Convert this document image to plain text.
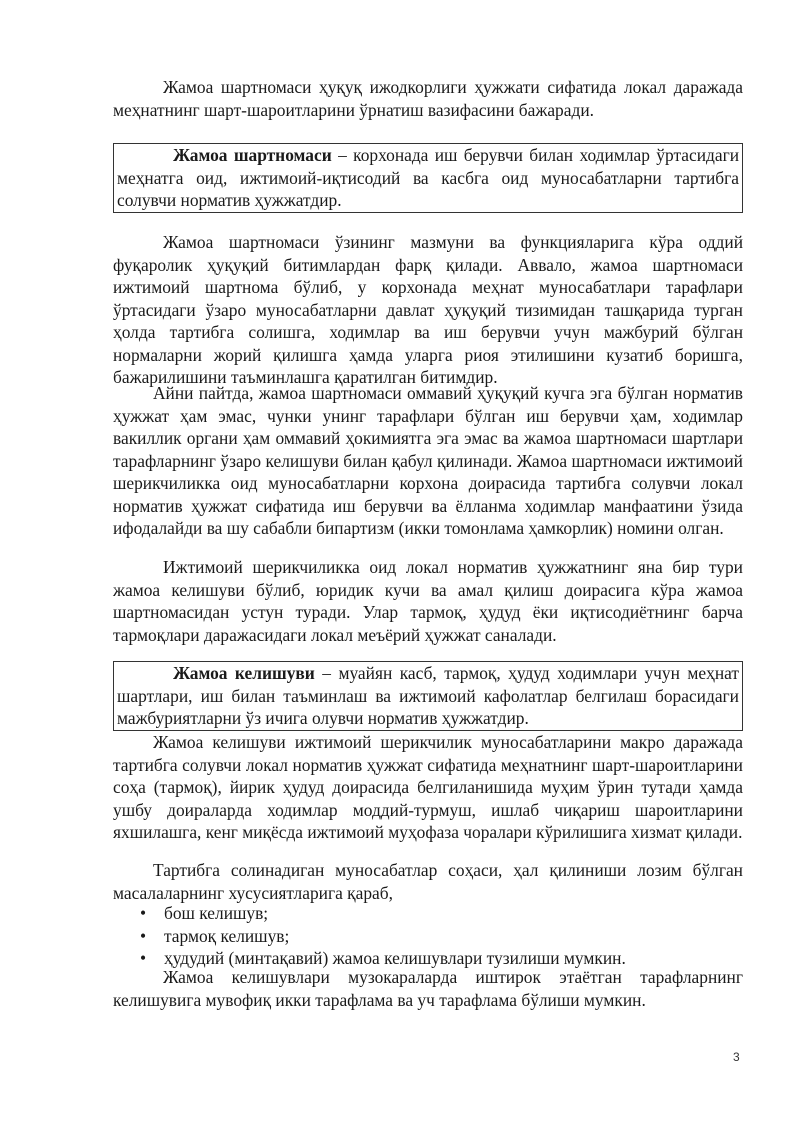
Жамоа шартномаси ҳуқуқ ижодкорлиги ҳужжати сифатида локал даражада меҳнатнинг шарт-шароитларини ўрнатиш вазифасини бажаради.

Жамоа шартномаси – корхонада иш берувчи билан ходимлар ўртасидаги меҳнатга оид, ижтимоий-иқтисодий ва касбга оид муносабатларни тартибга солувчи норматив ҳужжатдир.

Жамоа шартномаси ўзининг мазмуни ва функцияларига кўра оддий фуқаролик ҳуқуқий битимлардан фарқ қилади. Аввало, жамоа шартномаси ижтимоий шартнома бўлиб, у корхонада меҳнат муносабатлари тарафлари ўртасидаги ўзаро муносабатларни давлат ҳуқуқий тизимидан ташқарида турган ҳолда тартибга солишга, ходимлар ва иш берувчи учун мажбурий бўлган нормаларни жорий қилишга ҳамда уларга риоя этилишини кузатиб боришга, бажарилишини таъминлашга қаратилган битимдир.

Айни пайтда, жамоа шартномаси оммавий ҳуқуқий кучга эга бўлган норматив ҳужжат ҳам эмас, чунки унинг тарафлари бўлган иш берувчи ҳам, ходимлар вакиллик органи ҳам оммавий ҳокимиятга эга эмас ва жамоа шартномаси шартлари тарафларнинг ўзаро келишуви билан қабул қилинади. Жамоа шартномаси ижтимоий шерикчиликка оид муносабатларни корхона доирасида тартибга солувчи локал норматив ҳужжат сифатида иш берувчи ва ёлланма ходимлар манфаатини ўзида ифодалайди ва шу сабабли бипартизм (икки томонлама ҳамкорлик) номини олган.

Ижтимоий шерикчиликка оид локал норматив ҳужжатнинг яна бир тури жамоа келишуви бўлиб, юридик кучи ва амал қилиш доирасига кўра жамоа шартномасидан устун туради. Улар тармоқ, ҳудуд ёки иқтисодиётнинг барча тармоқлари даражасидаги локал меъёрий ҳужжат саналади.

Жамоа келишуви – муайян касб, тармоқ, ҳудуд ходимлари учун меҳнат шартлари, иш билан таъминлаш ва ижтимоий кафолатлар белгилаш борасидаги мажбуриятларни ўз ичига олувчи норматив ҳужжатдир.

Жамоа келишуви ижтимоий шерикчилик муносабатларини макро даражада тартибга солувчи локал норматив ҳужжат сифатида меҳнатнинг шарт-шароитларини соҳа (тармоқ), йирик ҳудуд доирасида белгиланишида муҳим ўрин тутади ҳамда ушбу доираларда ходимлар моддий-турмуш, ишлаб чиқариш шароитларини яхшилашга, кенг миқёсда ижтимоий муҳофаза чоралари кўрилишига хизмат қилади.

Тартибга солинадиган муносабатлар соҳаси, ҳал қилиниши лозим бўлган масалаларнинг хусусиятларига қараб,

• бош келишув;
• тармоқ келишув;
• ҳудудий (минтақавий) жамоа келишувлари тузилиши мумкин.

Жамоа келишувлари музокараларда иштирок этаётган тарафларнинг келишувига мувофиқ икки тарафлама ва уч тарафлама бўлиши мумкин.

3
